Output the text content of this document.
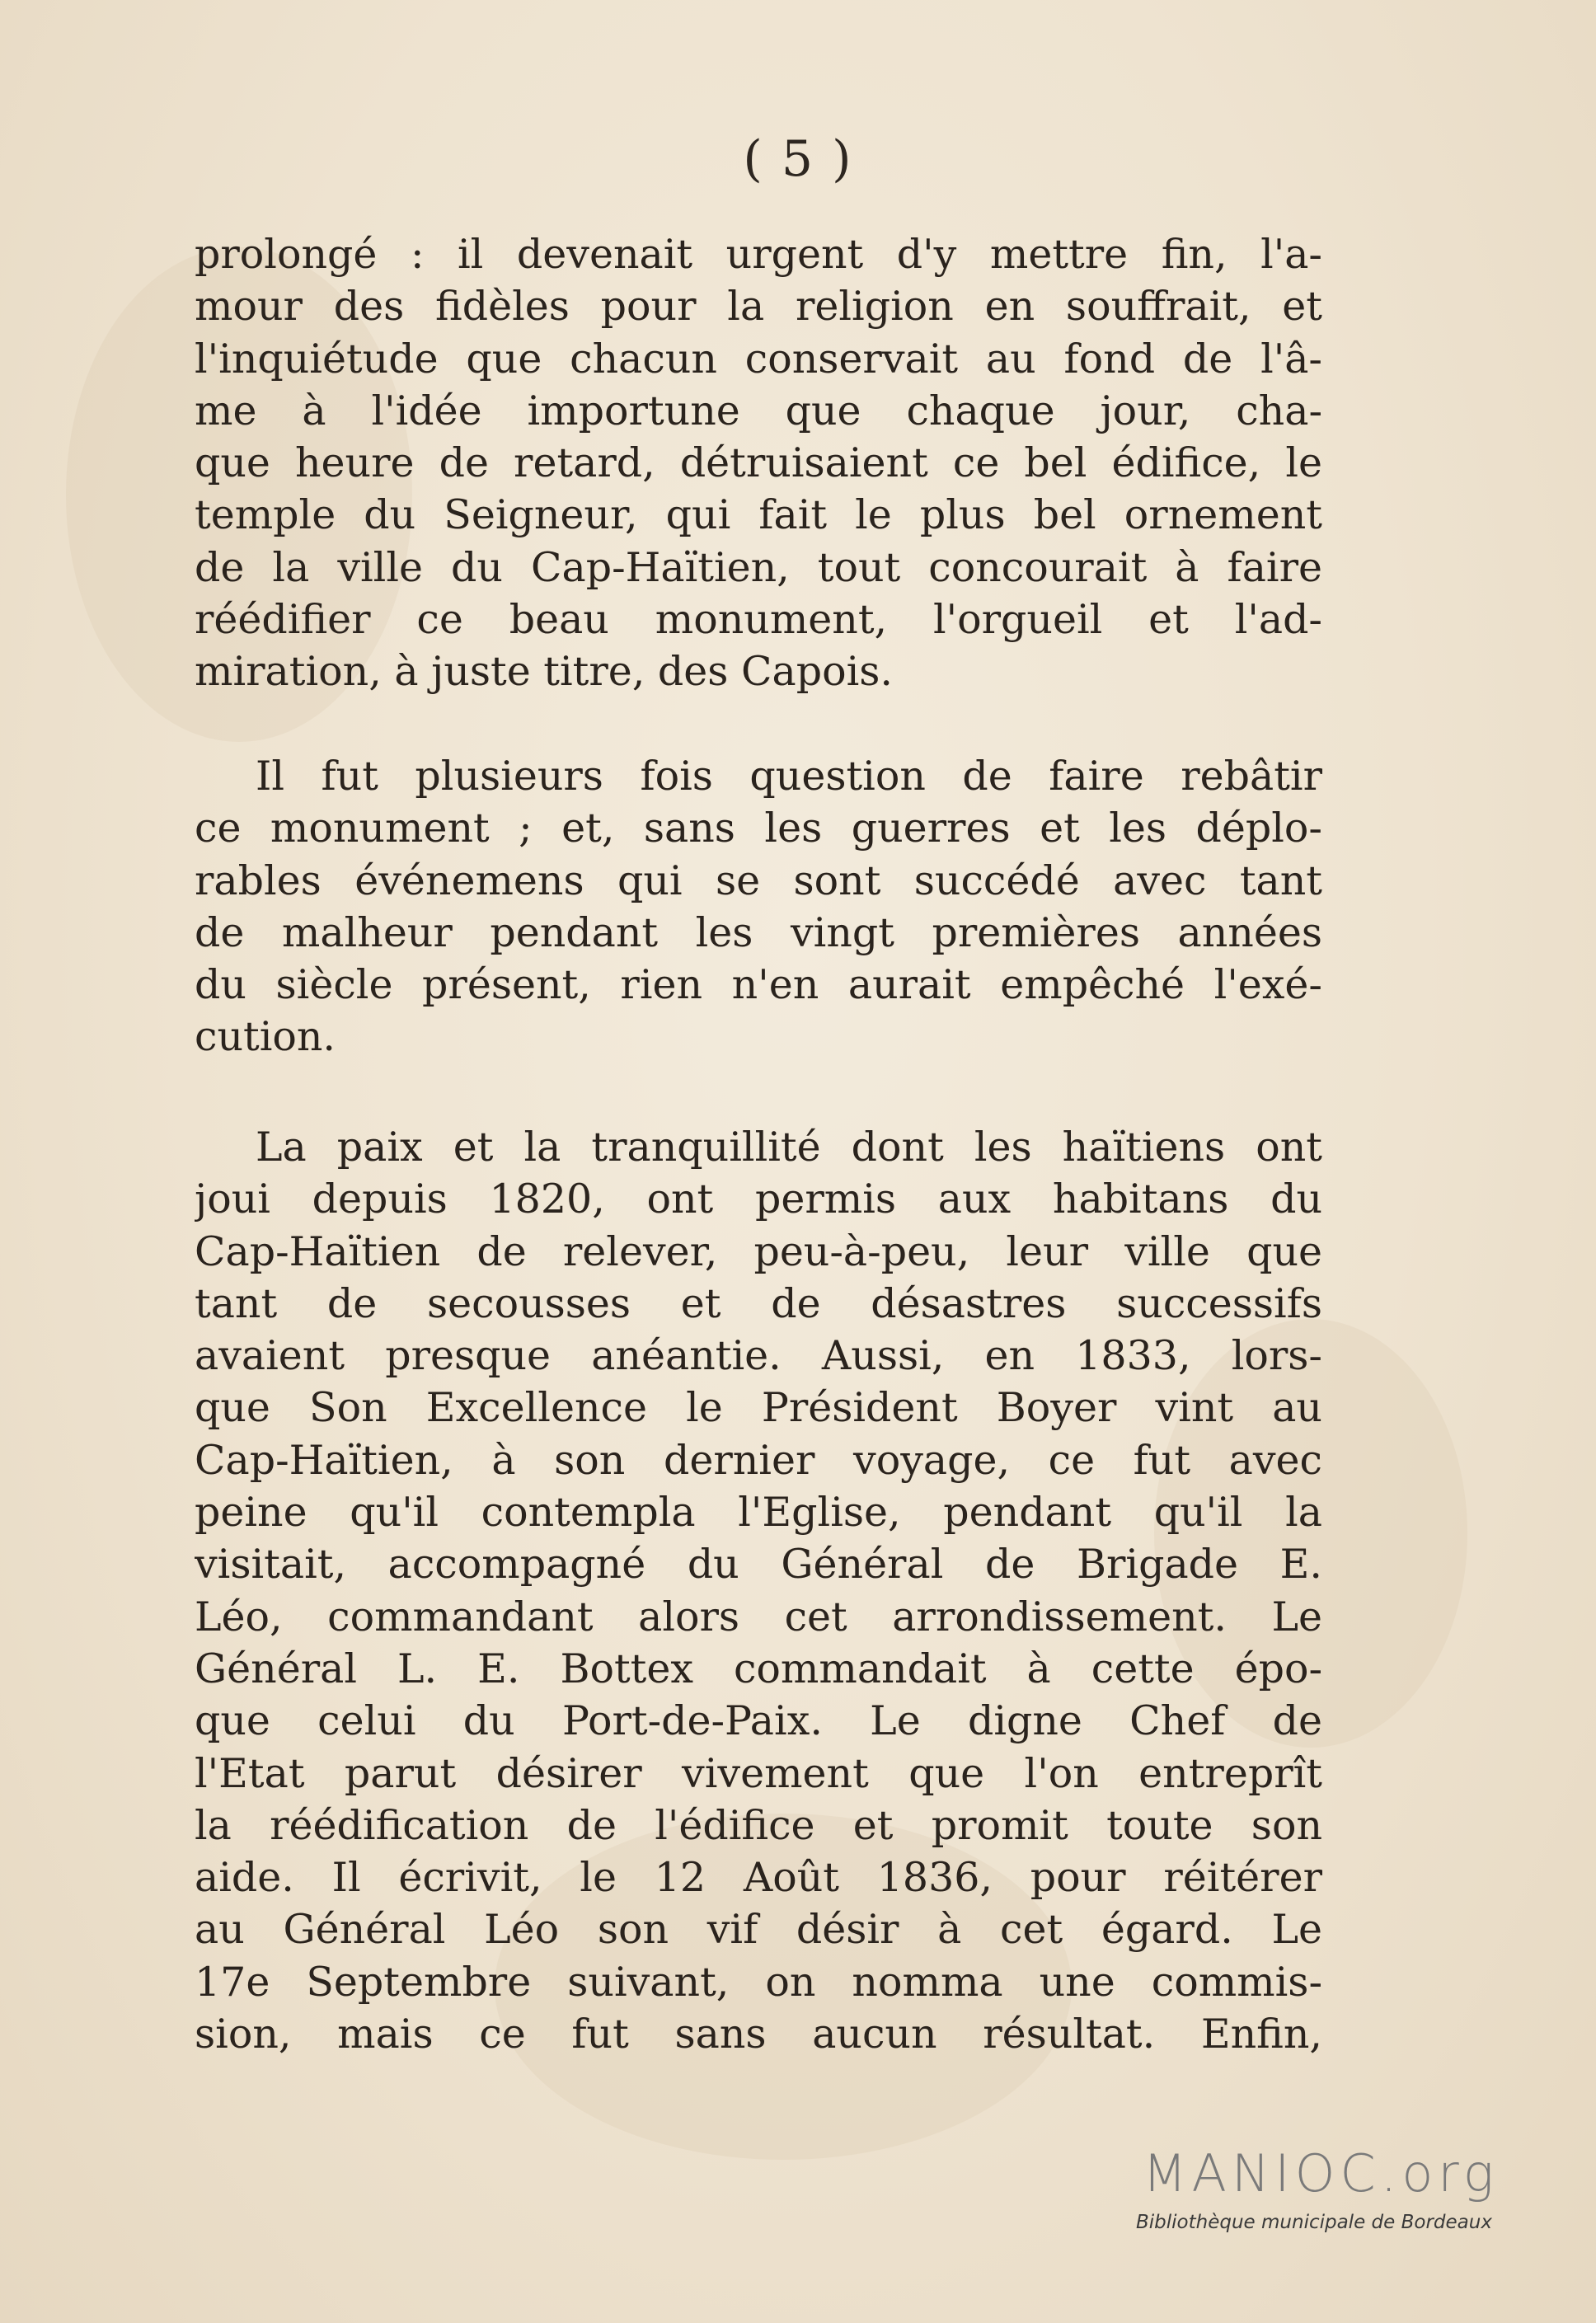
( 5 )
prolongé : il devenait urgent d'y mettre fin, l'a-
mour des fidèles pour la religion en souffrait, et
l'inquiétude que chacun conservait au fond de l'â-
me à l'idée importune que chaque jour, cha-
que heure de retard, détruisaient ce bel édifice, le
temple du Seigneur, qui fait le plus bel ornement
de la ville du Cap-Haïtien, tout concourait à faire
réédifier ce beau monument, l'orgueil et l'ad-
miration, à juste titre, des Capois.
Il fut plusieurs fois question de faire rebâtir
ce monument ; et, sans les guerres et les déplo-
rables événemens qui se sont succédé avec tant
de malheur pendant les vingt premières années
du siècle présent, rien n'en aurait empêché l'exé-
cution.
La paix et la tranquillité dont les haïtiens ont
joui depuis 1820, ont permis aux habitans du
Cap-Haïtien de relever, peu-à-peu, leur ville que
tant de secousses et de désastres successifs
avaient presque anéantie. Aussi, en 1833, lors-
que Son Excellence le Président Boyer vint au
Cap-Haïtien, à son dernier voyage, ce fut avec
peine qu'il contempla l'Eglise, pendant qu'il la
visitait, accompagné du Général de Brigade E.
Léo, commandant alors cet arrondissement. Le
Général L. E. Bottex commandait à cette épo-
que celui du Port-de-Paix. Le digne Chef de
l'Etat parut désirer vivement que l'on entreprît
la réédification de l'édifice et promit toute son
aide. Il écrivit, le 12 Août 1836, pour réitérer
au Général Léo son vif désir à cet égard. Le
17e Septembre suivant, on nomma une commis-
sion, mais ce fut sans aucun résultat. Enfin,
MANIOC.org
Bibliothèque municipale de Bordeaux
